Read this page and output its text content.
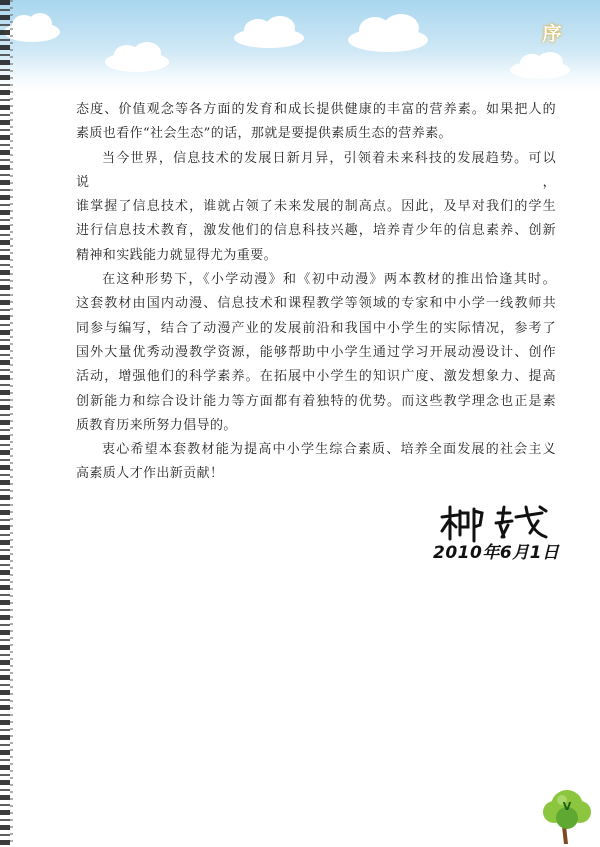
序

态度、价值观念等各方面的发育和成长提供健康的丰富的营养素。如果把人的

素质也看作“社会生态”的话，那就是要提供素质生态的营养素。

当今世界，信息技术的发展日新月异，引领着未来科技的发展趋势。可以说，

谁掌握了信息技术，谁就占领了未来发展的制高点。因此，及早对我们的学生

进行信息技术教育，激发他们的信息科技兴趣，培养青少年的信息素养、创新

精神和实践能力就显得尤为重要。

在这种形势下，《小学动漫》和《初中动漫》两本教材的推出恰逢其时。

这套教材由国内动漫、信息技术和课程教学等领域的专家和中小学一线教师共

同参与编写，结合了动漫产业的发展前沿和我国中小学生的实际情况，参考了

国外大量优秀动漫教学资源，能够帮助中小学生通过学习开展动漫设计、创作

活动，增强他们的科学素养。在拓展中小学生的知识广度、激发想象力、提高

创新能力和综合设计能力等方面都有着独特的优势。而这些教学理念也正是素

质教育历来所努力倡导的。

衷心希望本套教材能为提高中小学生综合素质、培养全面发展的社会主义

高素质人才作出新贡献！

2010年6月1日
V
